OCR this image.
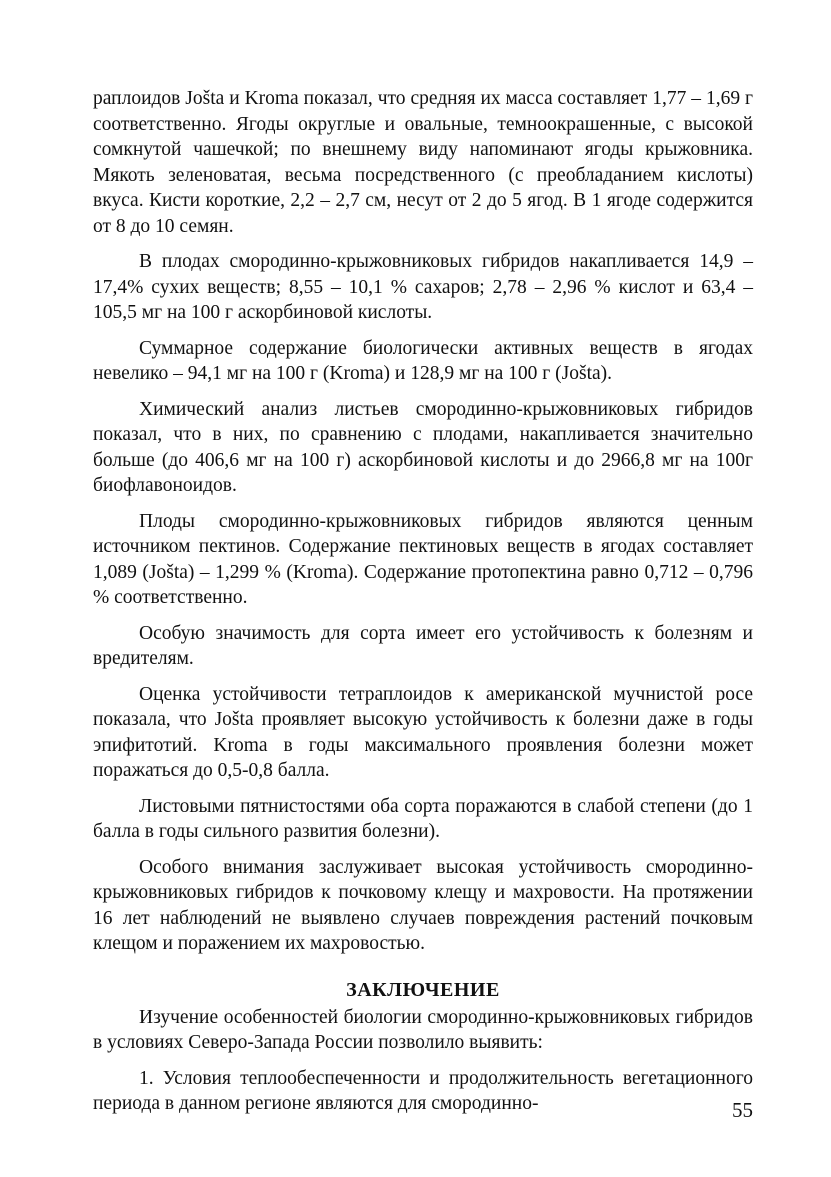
раплоидов Jošta и Kroma показал, что средняя их масса составляет 1,77 – 1,69 г соответственно. Ягоды округлые и овальные, темноокрашенные, с высокой сомкнутой чашечкой; по внешнему виду напоминают ягоды крыжовника. Мякоть зеленоватая, весьма посредственного (с преобладанием кислоты) вкуса. Кисти короткие, 2,2 – 2,7 см, несут от 2 до 5 ягод. В 1 ягоде содержится от 8 до 10 семян.

В плодах смородинно-крыжовниковых гибридов накапливается 14,9 – 17,4% сухих веществ; 8,55 – 10,1 % сахаров; 2,78 – 2,96 % кислот и 63,4 – 105,5 мг на 100 г аскорбиновой кислоты.

Суммарное содержание биологически активных веществ в ягодах невелико – 94,1 мг на 100 г (Kroma) и 128,9 мг на 100 г (Jošta).

Химический анализ листьев смородинно-крыжовниковых гибридов показал, что в них, по сравнению с плодами, накапливается значительно больше (до 406,6 мг на 100 г) аскорбиновой кислоты и до 2966,8 мг на 100г биофлавоноидов.

Плоды смородинно-крыжовниковых гибридов являются ценным источником пектинов. Содержание пектиновых веществ в ягодах составляет 1,089 (Jošta) – 1,299 % (Kroma). Содержание протопектина равно 0,712 – 0,796 % соответственно.

Особую значимость для сорта имеет его устойчивость к болезням и вредителям.

Оценка устойчивости тетраплоидов к американской мучнистой росе показала, что Jošta проявляет высокую устойчивость к болезни даже в годы эпифитотий. Kroma в годы максимального проявления болезни может поражаться до 0,5-0,8 балла.

Листовыми пятнистостями оба сорта поражаются в слабой степени (до 1 балла в годы сильного развития болезни).

Особого внимания заслуживает высокая устойчивость смородинно-крыжовниковых гибридов к почковому клещу и махровости. На протяжении 16 лет наблюдений не выявлено случаев повреждения растений почковым клещом и поражением их махровостью.

ЗАКЛЮЧЕНИЕ

Изучение особенностей биологии смородинно-крыжовниковых гибридов в условиях Северо-Запада России позволило выявить:

1. Условия теплообеспеченности и продолжительность вегетационного периода в данном регионе являются для смородинно-	55
